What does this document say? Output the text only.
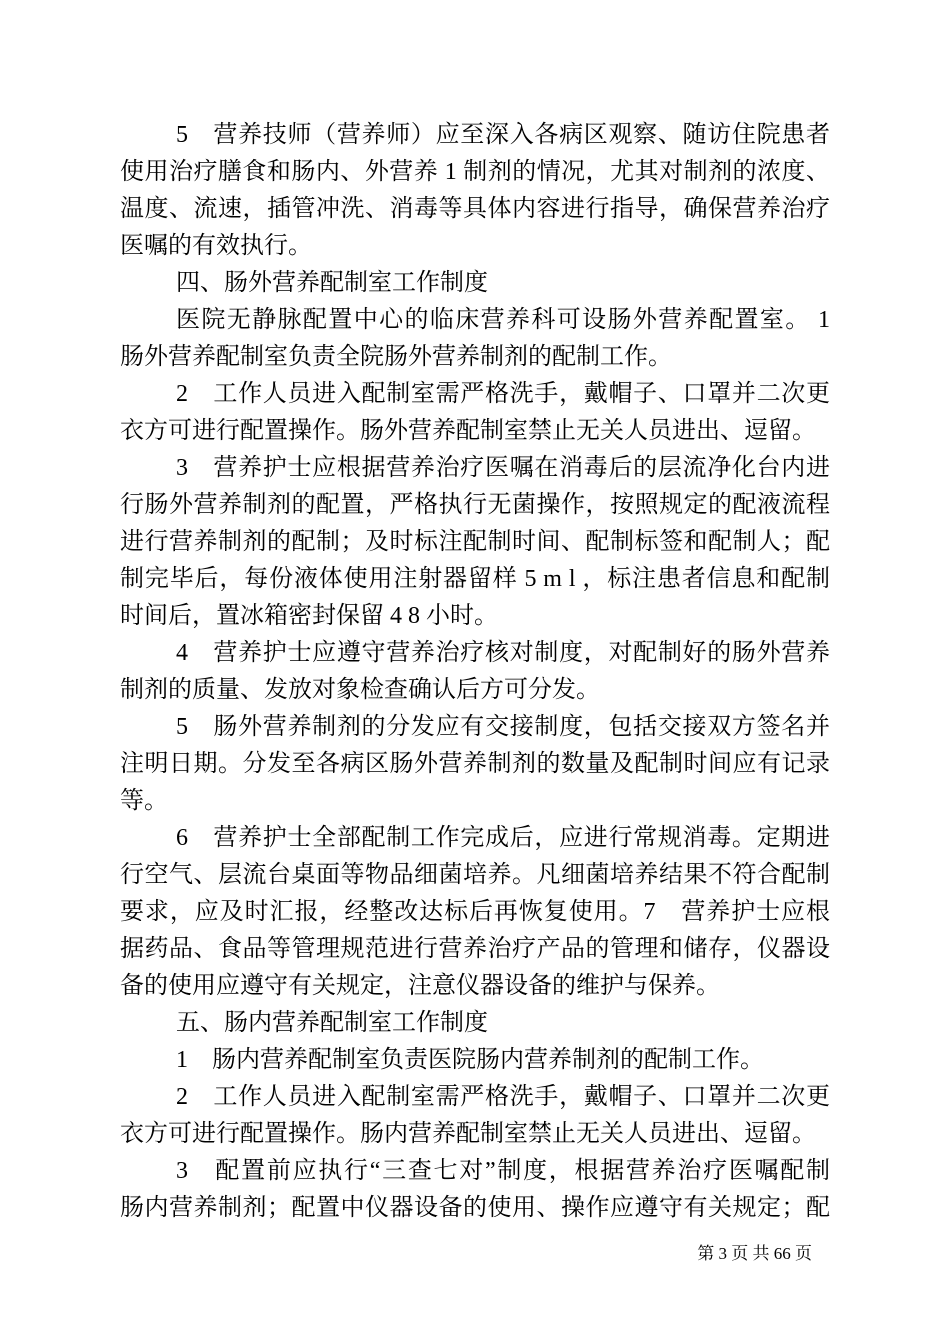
5　营养技师（营养师）应至深入各病区观察、随访住院患者
使用治疗膳食和肠内、外营养 1 制剂的情况，尤其对制剂的浓度、
温度、流速，插管冲洗、消毒等具体内容进行指导，确保营养治疗
医嘱的有效执行。
四、肠外营养配制室工作制度
医院无静脉配置中心的临床营养科可设肠外营养配置室。 1
肠外营养配制室负责全院肠外营养制剂的配制工作。
2　工作人员进入配制室需严格洗手，戴帽子、口罩并二次更
衣方可进行配置操作。肠外营养配制室禁止无关人员进出、逗留。
3　营养护士应根据营养治疗医嘱在消毒后的层流净化台内进
行肠外营养制剂的配置，严格执行无菌操作，按照规定的配液流程
进行营养制剂的配制；及时标注配制时间、配制标签和配制人；配
制完毕后，每份液体使用注射器留样 5 m l ，标注患者信息和配制
时间后，置冰箱密封保留 4 8 小时。
4　营养护士应遵守营养治疗核对制度，对配制好的肠外营养
制剂的质量、发放对象检查确认后方可分发。
5　肠外营养制剂的分发应有交接制度，包括交接双方签名并
注明日期。分发至各病区肠外营养制剂的数量及配制时间应有记录
等。
6　营养护士全部配制工作完成后，应进行常规消毒。定期进
行空气、层流台桌面等物品细菌培养。凡细菌培养结果不符合配制
要求，应及时汇报，经整改达标后再恢复使用。7　营养护士应根
据药品、食品等管理规范进行营养治疗产品的管理和储存，仪器设
备的使用应遵守有关规定，注意仪器设备的维护与保养。
五、肠内营养配制室工作制度
1　肠内营养配制室负责医院肠内营养制剂的配制工作。
2　工作人员进入配制室需严格洗手，戴帽子、口罩并二次更
衣方可进行配置操作。肠内营养配制室禁止无关人员进出、逗留。
3　配置前应执行“三查七对”制度，根据营养治疗医嘱配制
肠内营养制剂；配置中仪器设备的使用、操作应遵守有关规定；配
第 3 页 共 66 页
